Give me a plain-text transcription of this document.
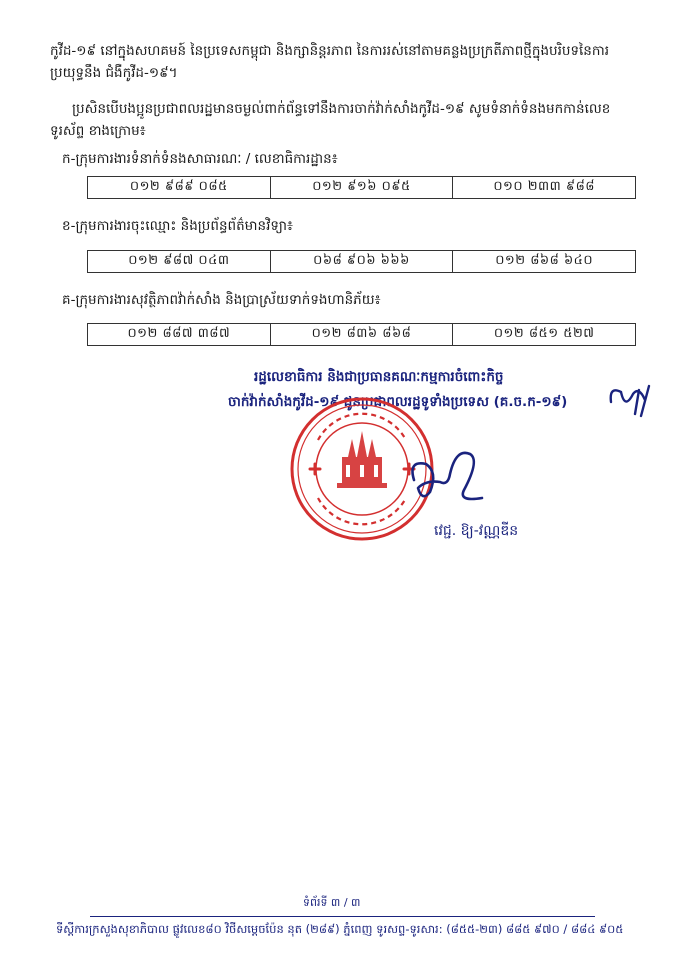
កូវីដ-១៩ នៅក្នុងសហគមន៍ នៃប្រទេសកម្ពុជា និងក្សានិន្តរភាព នៃការរស់នៅតាមគន្លងប្រក្រតីភាពថ្មីក្នុងបរិបទនៃការប្រយុទ្ធនឹង ជំងឺកូវីដ-១៩។
ប្រសិនបើបងប្អូនប្រជាពលរដ្ឋមានចម្ងល់ពាក់ព័ន្ធទៅនឹងការចាក់វ៉ាក់សាំងកូវីដ-១៩ សូមទំនាក់ទំនងមកកាន់លេខទូរស័ព្ទ ខាងក្រោម៖
ក-ក្រុមការងារទំនាក់ទំនងសាធារណៈ / លេខាធិការដ្ឋាន៖
០១២ ៩៨៩ ០៨៥	០១២ ៩១៦ ០៩៥	០១០ ២៣៣ ៩៨៨
ខ-ក្រុមការងារចុះឈ្មោះ និងប្រព័ន្ធព័ត៌មានវិទ្យា៖
០១២ ៩៨៧ ០៤៣	០៦៨ ៩០៦ ៦៦៦	០១២ ៨៦៨ ៦៤០
គ-ក្រុមការងារសុវត្ថិភាពវ៉ាក់សាំង និងប្រាស្រ័យទាក់ទងហានិភ័យ៖
០១២ ៨៨៧ ៣៨៧	០១២ ៨៣៦ ៨៦៨	០១២ ៨៥១ ៥២៧
រដ្ឋលេខាធិការ និងជាប្រធានគណៈកម្មការចំពោះកិច្ច
ចាក់វ៉ាក់សាំងកូវីដ-១៩ ជូនប្រជាពលរដ្ឋទូទាំងប្រទេស (គ.ច.ក-១៩)
វេជ្ជ. ឱ្យ-វណ្ណឌីន
ទំព័រទី ៣ / ៣
ទីស្តីការក្រសួងសុខាភិបាល ផ្លូវលេខ៨០ វិថីសម្ដេចប៉ែន នុត (២៨៩) ភ្នំពេញ ទូរសព្ទ-ទូរសារ: (៨៥៥-២៣) ៨៨៥ ៩៧០ / ៨៨៤ ៩០៥
